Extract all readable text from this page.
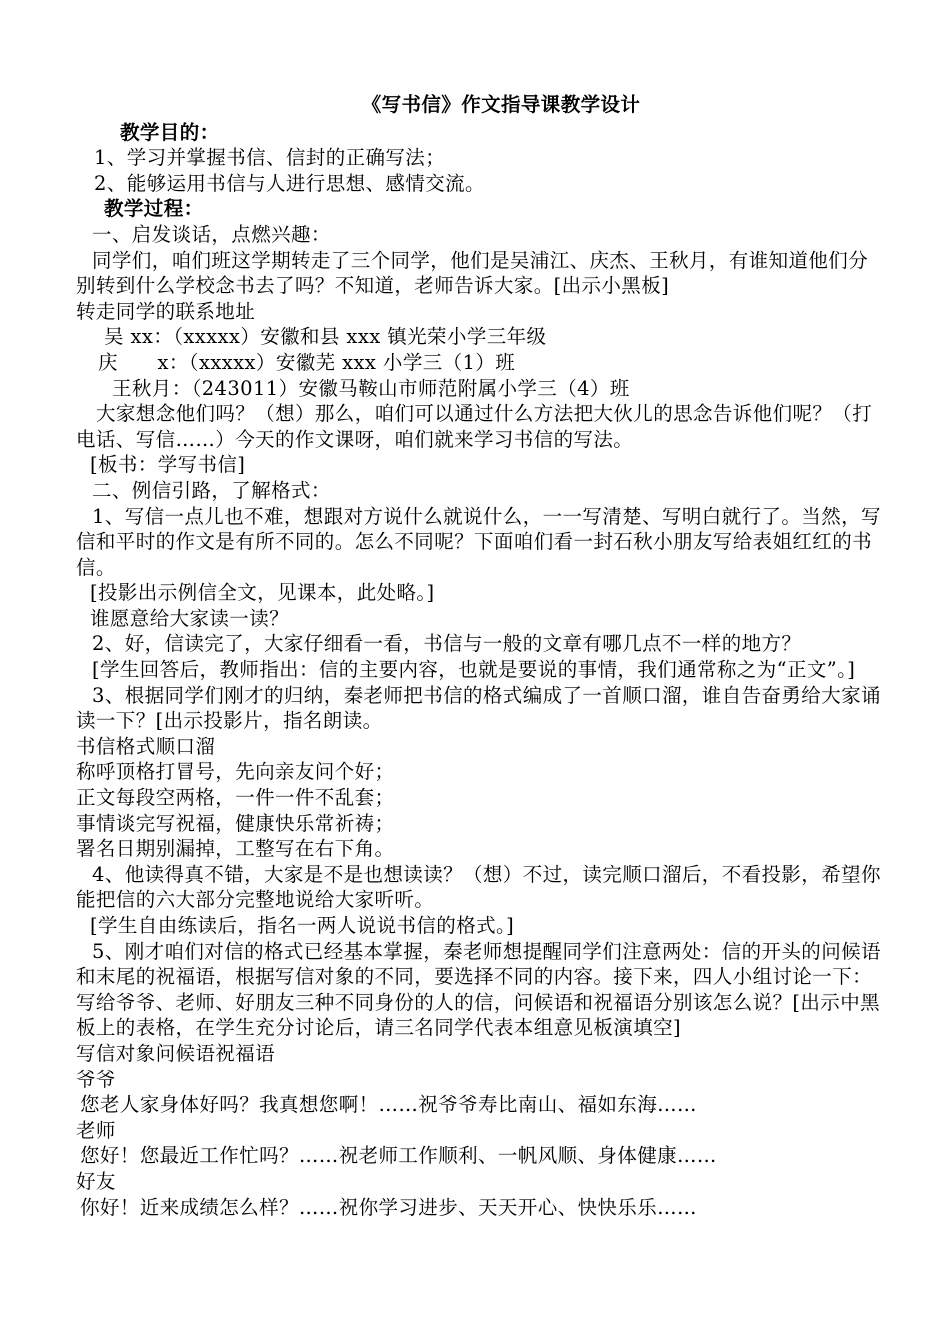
《写书信》作文指导课教学设计

教学目的：

1、学习并掌握书信、信封的正确写法；

2、能够运用书信与人进行思想、感情交流。

教学过程：

一、启发谈话，点燃兴趣：

同学们，咱们班这学期转走了三个同学，他们是吴浦江、庆杰、王秋月，有谁知道他们分别转到什么学校念书去了吗？不知道，老师告诉大家。[出示小黑板]

转走同学的联系地址

吴 xx：（xxxxx）安徽和县 xxx 镇光荣小学三年级

庆      x：（xxxxx）安徽芜 xxx 小学三（1）班

王秋月：（243011）安徽马鞍山市师范附属小学三（4）班

大家想念他们吗？（想）那么，咱们可以通过什么方法把大伙儿的思念告诉他们呢？（打电话、写信……）今天的作文课呀，咱们就来学习书信的写法。

[板书：学写书信]

二、例信引路，了解格式：

1、写信一点儿也不难，想跟对方说什么就说什么，一一写清楚、写明白就行了。当然，写信和平时的作文是有所不同的。怎么不同呢？下面咱们看一封石秋小朋友写给表姐红红的书信。

[投影出示例信全文，见课本，此处略。]

谁愿意给大家读一读？

2、好，信读完了，大家仔细看一看，书信与一般的文章有哪几点不一样的地方？

[学生回答后，教师指出：信的主要内容，也就是要说的事情，我们通常称之为“正文”。]

3、根据同学们刚才的归纳，秦老师把书信的格式编成了一首顺口溜，谁自告奋勇给大家诵读一下？[出示投影片，指名朗读。

书信格式顺口溜

称呼顶格打冒号，先向亲友问个好；

正文每段空两格，一件一件不乱套；

事情谈完写祝福，健康快乐常祈祷；

署名日期别漏掉，工整写在右下角。

4、他读得真不错，大家是不是也想读读？（想）不过，读完顺口溜后，不看投影，希望你能把信的六大部分完整地说给大家听听。

[学生自由练读后，指名一两人说说书信的格式。]

5、刚才咱们对信的格式已经基本掌握，秦老师想提醒同学们注意两处：信的开头的问候语和末尾的祝福语，根据写信对象的不同，要选择不同的内容。接下来，四人小组讨论一下：写给爷爷、老师、好朋友三种不同身份的人的信，问候语和祝福语分别该怎么说？[出示中黑板上的表格，在学生充分讨论后，请三名同学代表本组意见板演填空]

写信对象问候语祝福语

爷爷

您老人家身体好吗？我真想您啊！……祝爷爷寿比南山、福如东海……

老师

您好！您最近工作忙吗？……祝老师工作顺利、一帆风顺、身体健康……

好友

你好！近来成绩怎么样？……祝你学习进步、天天开心、快快乐乐……
